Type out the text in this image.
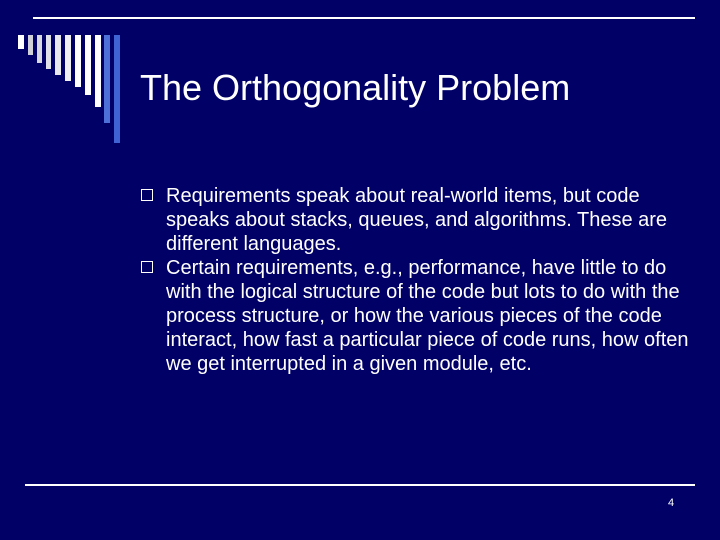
The Orthogonality Problem
Requirements speak about real-world items, but code speaks about stacks, queues, and algorithms. These are different languages.
Certain requirements, e.g., performance, have little to do with the logical structure of the code but lots to do with the process structure, or how the various pieces of the code interact, how fast a particular piece of code runs, how often we get interrupted in a given module, etc.
4
